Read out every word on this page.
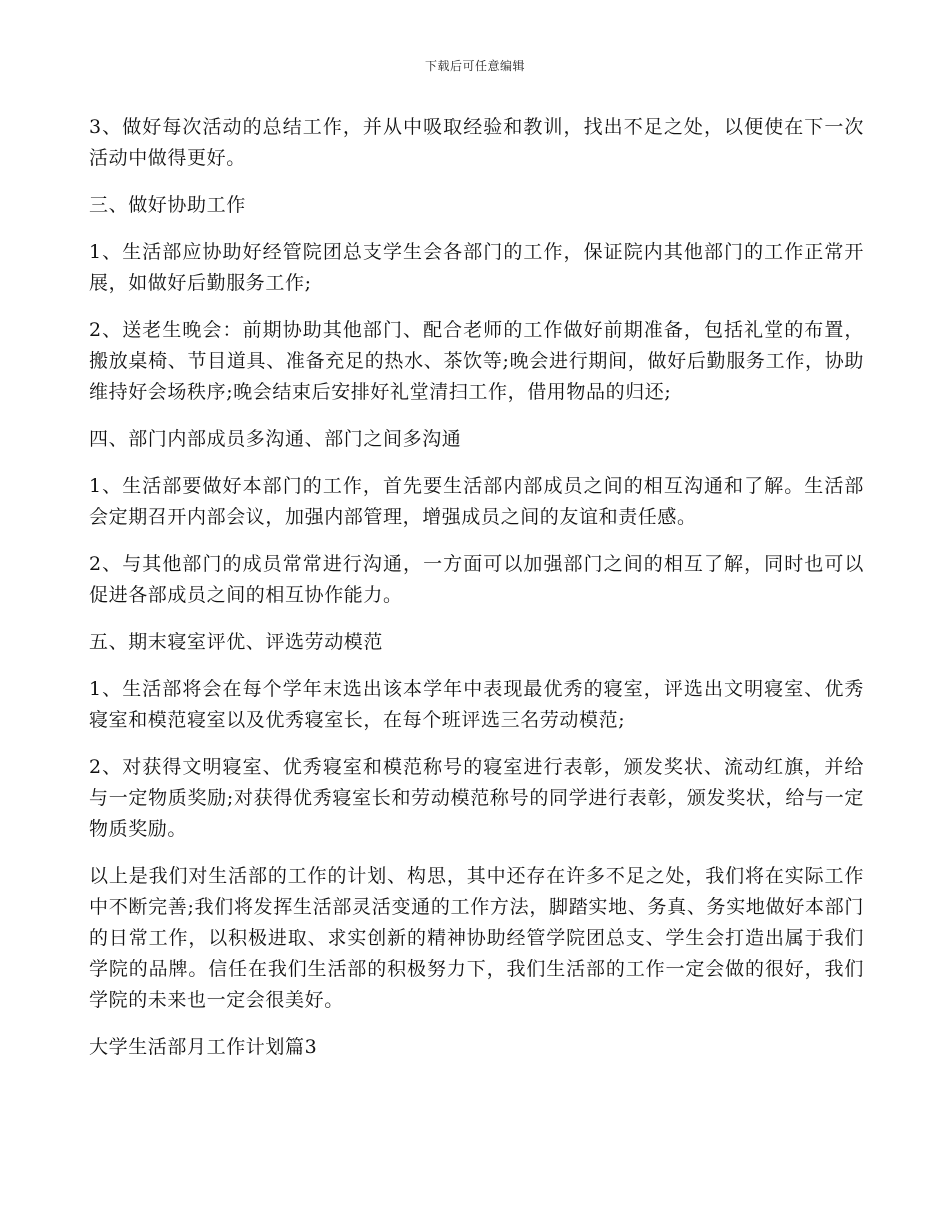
下载后可任意编辑

3、做好每次活动的总结工作，并从中吸取经验和教训，找出不足之处，以便使在下一次活动中做得更好。

三、做好协助工作

1、生活部应协助好经管院团总支学生会各部门的工作，保证院内其他部门的工作正常开展，如做好后勤服务工作;

2、送老生晚会：前期协助其他部门、配合老师的工作做好前期准备，包括礼堂的布置，搬放桌椅、节目道具、准备充足的热水、茶饮等;晚会进行期间，做好后勤服务工作，协助维持好会场秩序;晚会结束后安排好礼堂清扫工作，借用物品的归还;

四、部门内部成员多沟通、部门之间多沟通

1、生活部要做好本部门的工作，首先要生活部内部成员之间的相互沟通和了解。生活部会定期召开内部会议，加强内部管理，增强成员之间的友谊和责任感。

2、与其他部门的成员常常进行沟通，一方面可以加强部门之间的相互了解，同时也可以促进各部成员之间的相互协作能力。

五、期末寝室评优、评选劳动模范

1、生活部将会在每个学年末选出该本学年中表现最优秀的寝室，评选出文明寝室、优秀寝室和模范寝室以及优秀寝室长，在每个班评选三名劳动模范;

2、对获得文明寝室、优秀寝室和模范称号的寝室进行表彰，颁发奖状、流动红旗，并给与一定物质奖励;对获得优秀寝室长和劳动模范称号的同学进行表彰，颁发奖状，给与一定物质奖励。

以上是我们对生活部的工作的计划、构思，其中还存在许多不足之处，我们将在实际工作中不断完善;我们将发挥生活部灵活变通的工作方法，脚踏实地、务真、务实地做好本部门的日常工作，以积极进取、求实创新的精神协助经管学院团总支、学生会打造出属于我们学院的品牌。信任在我们生活部的积极努力下，我们生活部的工作一定会做的很好，我们学院的未来也一定会很美好。

大学生活部月工作计划篇3
